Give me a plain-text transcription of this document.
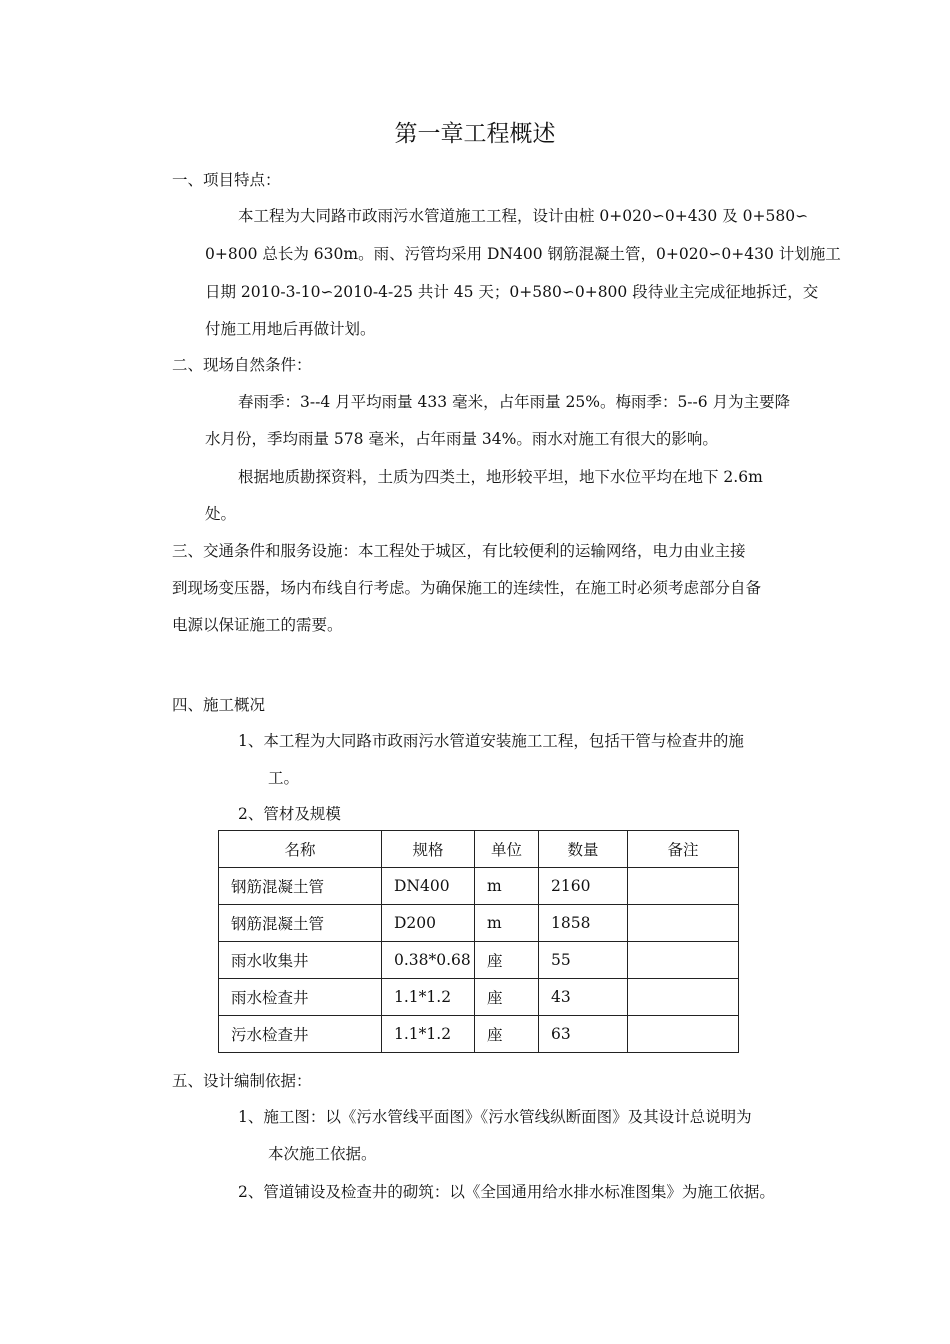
第一章工程概述
一、项目特点：
本工程为大同路市政雨污水管道施工工程，设计由桩 0+020∽0+430 及 0+580∽
0+800 总长为 630m。雨、污管均采用 DN400 钢筋混凝土管，0+020∽0+430 计划施工
日期 2010-3-10∽2010-4-25 共计 45 天；0+580∽0+800 段待业主完成征地拆迁，交
付施工用地后再做计划。
二、现场自然条件：
春雨季：3--4 月平均雨量 433 毫米，占年雨量 25%。梅雨季：5--6 月为主要降
水月份，季均雨量 578 毫米，占年雨量 34%。雨水对施工有很大的影响。
根据地质勘探资料，土质为四类土，地形较平坦，地下水位平均在地下 2.6m
处。
三、交通条件和服务设施：本工程处于城区，有比较便利的运输网络，电力由业主接
到现场变压器，场内布线自行考虑。为确保施工的连续性，在施工时必须考虑部分自备
电源以保证施工的需要。
四、施工概况
1、本工程为大同路市政雨污水管道安装施工工程，包括干管与检查井的施
工。
2、管材及规模
名称	规格	单位	数量	备注
钢筋混凝土管	DN400	m	2160	
钢筋混凝土管	D200	m	1858	
雨水收集井	0.38*0.68	座	55	
雨水检查井	1.1*1.2	座	43	
污水检查井	1.1*1.2	座	63	
五、设计编制依据：
1、施工图：以《污水管线平面图》《污水管线纵断面图》及其设计总说明为
本次施工依据。
2、管道铺设及检查井的砌筑：以《全国通用给水排水标准图集》为施工依据。
